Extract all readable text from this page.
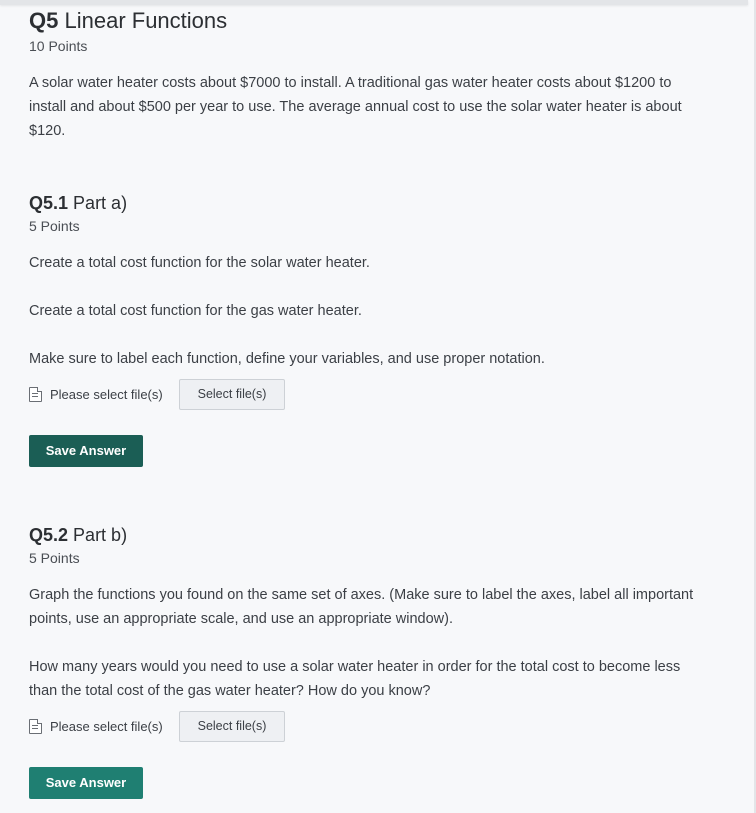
Q5 Linear Functions
10 Points

A solar water heater costs about $7000 to install. A traditional gas water heater costs about $1200 to install and about $500 per year to use. The average annual cost to use the solar water heater is about $120.

Q5.1 Part a)
5 Points

Create a total cost function for the solar water heater.

Create a total cost function for the gas water heater.

Make sure to label each function, define your variables, and use proper notation.

Please select file(s)	Select file(s)
Save Answer
Q5.2 Part b)
5 Points

Graph the functions you found on the same set of axes. (Make sure to label the axes, label all important points, use an appropriate scale, and use an appropriate window).

How many years would you need to use a solar water heater in order for the total cost to become less than the total cost of the gas water heater? How do you know?

Please select file(s)	Select file(s)
Save Answer
